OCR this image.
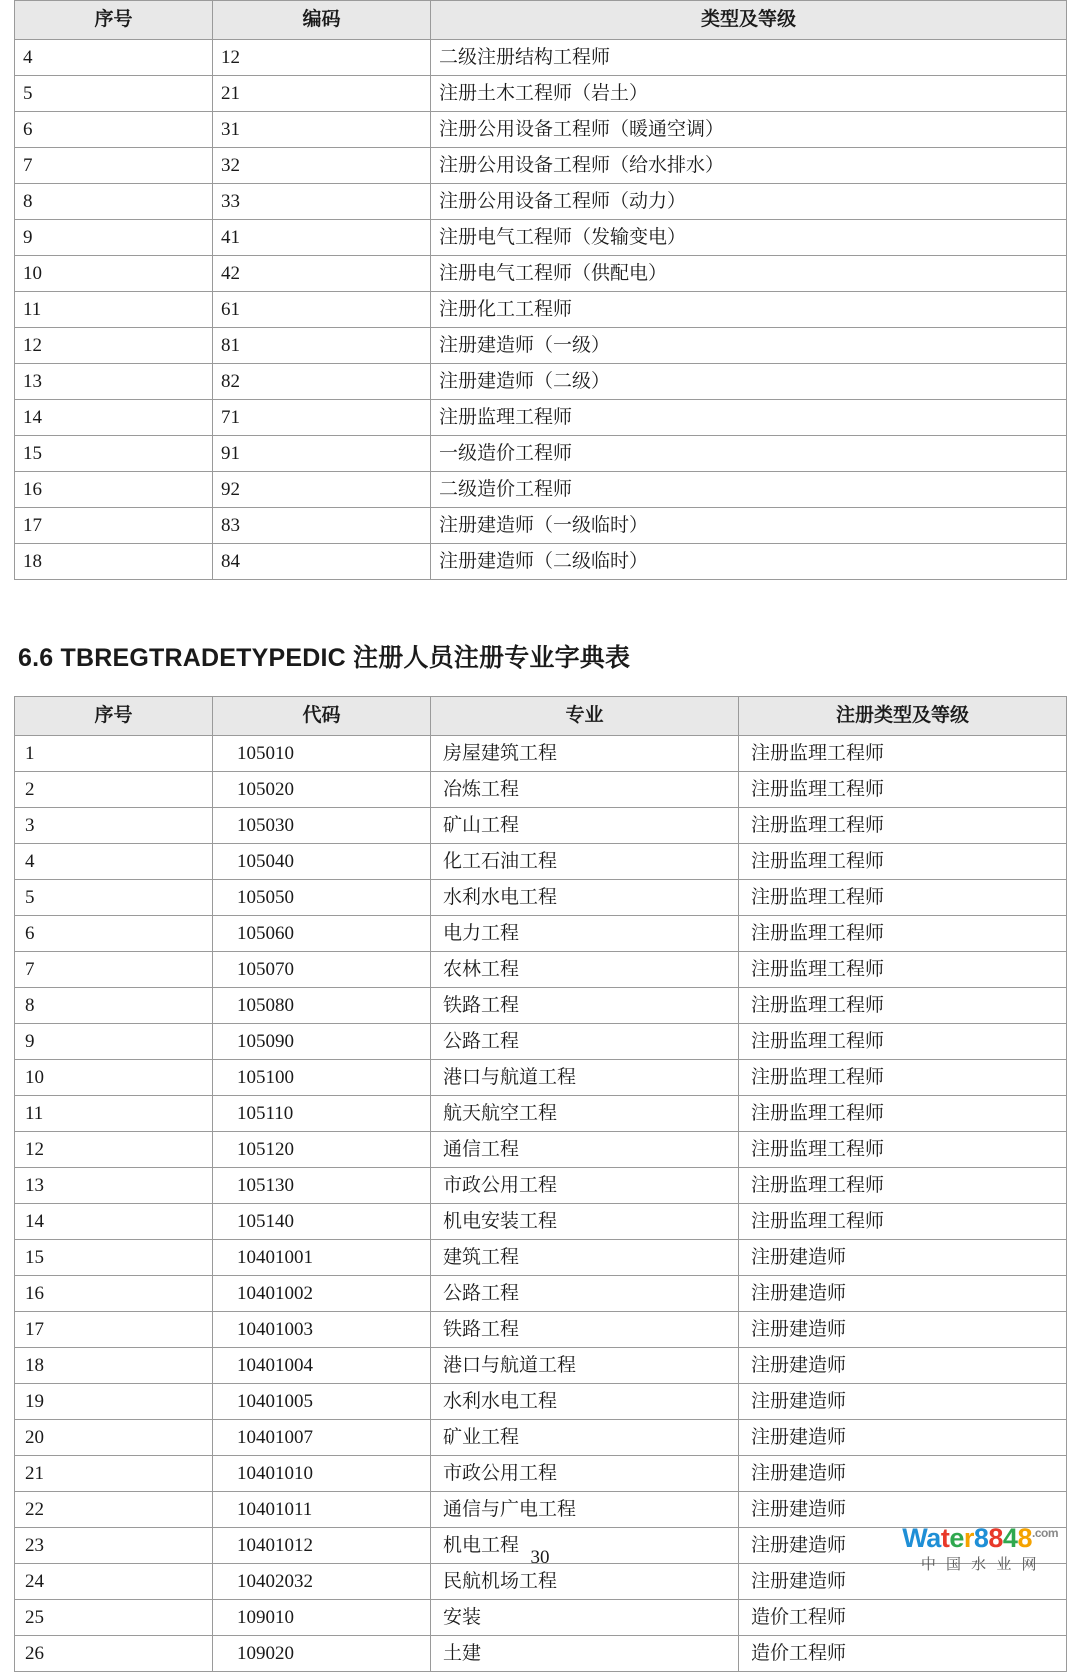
序号	编码	类型及等级
4	12	二级注册结构工程师
5	21	注册土木工程师（岩土）
6	31	注册公用设备工程师（暖通空调）
7	32	注册公用设备工程师（给水排水）
8	33	注册公用设备工程师（动力）
9	41	注册电气工程师（发输变电）
10	42	注册电气工程师（供配电）
11	61	注册化工工程师
12	81	注册建造师（一级）
13	82	注册建造师（二级）
14	71	注册监理工程师
15	91	一级造价工程师
16	92	二级造价工程师
17	83	注册建造师（一级临时）
18	84	注册建造师（二级临时）
6.6 TBREGTRADETYPEDIC 注册人员注册专业字典表
序号	代码	专业	注册类型及等级
1	105010	房屋建筑工程	注册监理工程师
2	105020	冶炼工程	注册监理工程师
3	105030	矿山工程	注册监理工程师
4	105040	化工石油工程	注册监理工程师
5	105050	水利水电工程	注册监理工程师
6	105060	电力工程	注册监理工程师
7	105070	农林工程	注册监理工程师
8	105080	铁路工程	注册监理工程师
9	105090	公路工程	注册监理工程师
10	105100	港口与航道工程	注册监理工程师
11	105110	航天航空工程	注册监理工程师
12	105120	通信工程	注册监理工程师
13	105130	市政公用工程	注册监理工程师
14	105140	机电安装工程	注册监理工程师
15	10401001	建筑工程	注册建造师
16	10401002	公路工程	注册建造师
17	10401003	铁路工程	注册建造师
18	10401004	港口与航道工程	注册建造师
19	10401005	水利水电工程	注册建造师
20	10401007	矿业工程	注册建造师
21	10401010	市政公用工程	注册建造师
22	10401011	通信与广电工程	注册建造师
23	10401012	机电工程	注册建造师
24	10402032	民航机场工程	注册建造师
25	109010	安装	造价工程师
26	109020	土建	造价工程师
30
$Water8848^{.com}$
中 国 水 业 网
